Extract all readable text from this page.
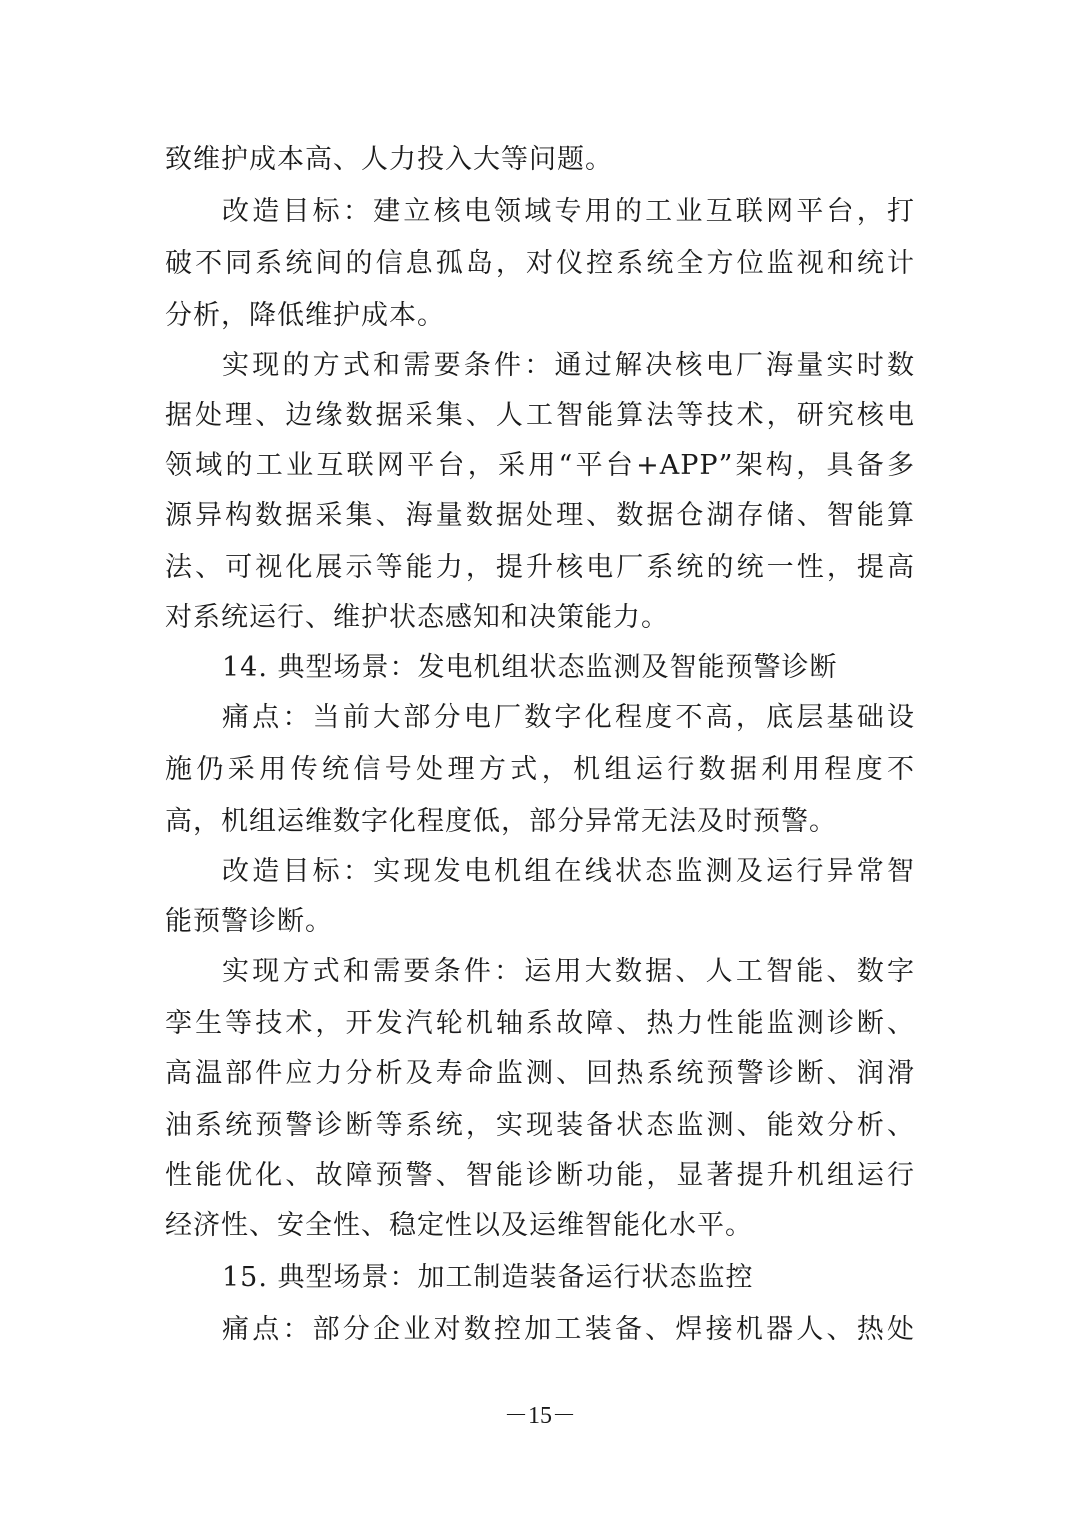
致维护成本高、人力投入大等问题。
改造目标：建立核电领域专用的工业互联网平台，打
破不同系统间的信息孤岛，对仪控系统全方位监视和统计
分析，降低维护成本。
实现的方式和需要条件：通过解决核电厂海量实时数
据处理、边缘数据采集、人工智能算法等技术，研究核电
领域的工业互联网平台，采用“平台+APP”架构，具备多
源异构数据采集、海量数据处理、数据仓湖存储、智能算
法、可视化展示等能力，提升核电厂系统的统一性，提高
对系统运行、维护状态感知和决策能力。
14. 典型场景：发电机组状态监测及智能预警诊断
痛点：当前大部分电厂数字化程度不高，底层基础设
施仍采用传统信号处理方式，机组运行数据利用程度不
高，机组运维数字化程度低，部分异常无法及时预警。
改造目标：实现发电机组在线状态监测及运行异常智
能预警诊断。
实现方式和需要条件：运用大数据、人工智能、数字
孪生等技术，开发汽轮机轴系故障、热力性能监测诊断、
高温部件应力分析及寿命监测、回热系统预警诊断、润滑
油系统预警诊断等系统，实现装备状态监测、能效分析、
性能优化、故障预警、智能诊断功能，显著提升机组运行
经济性、安全性、稳定性以及运维智能化水平。
15. 典型场景：加工制造装备运行状态监控
痛点：部分企业对数控加工装备、焊接机器人、热处
－15－
